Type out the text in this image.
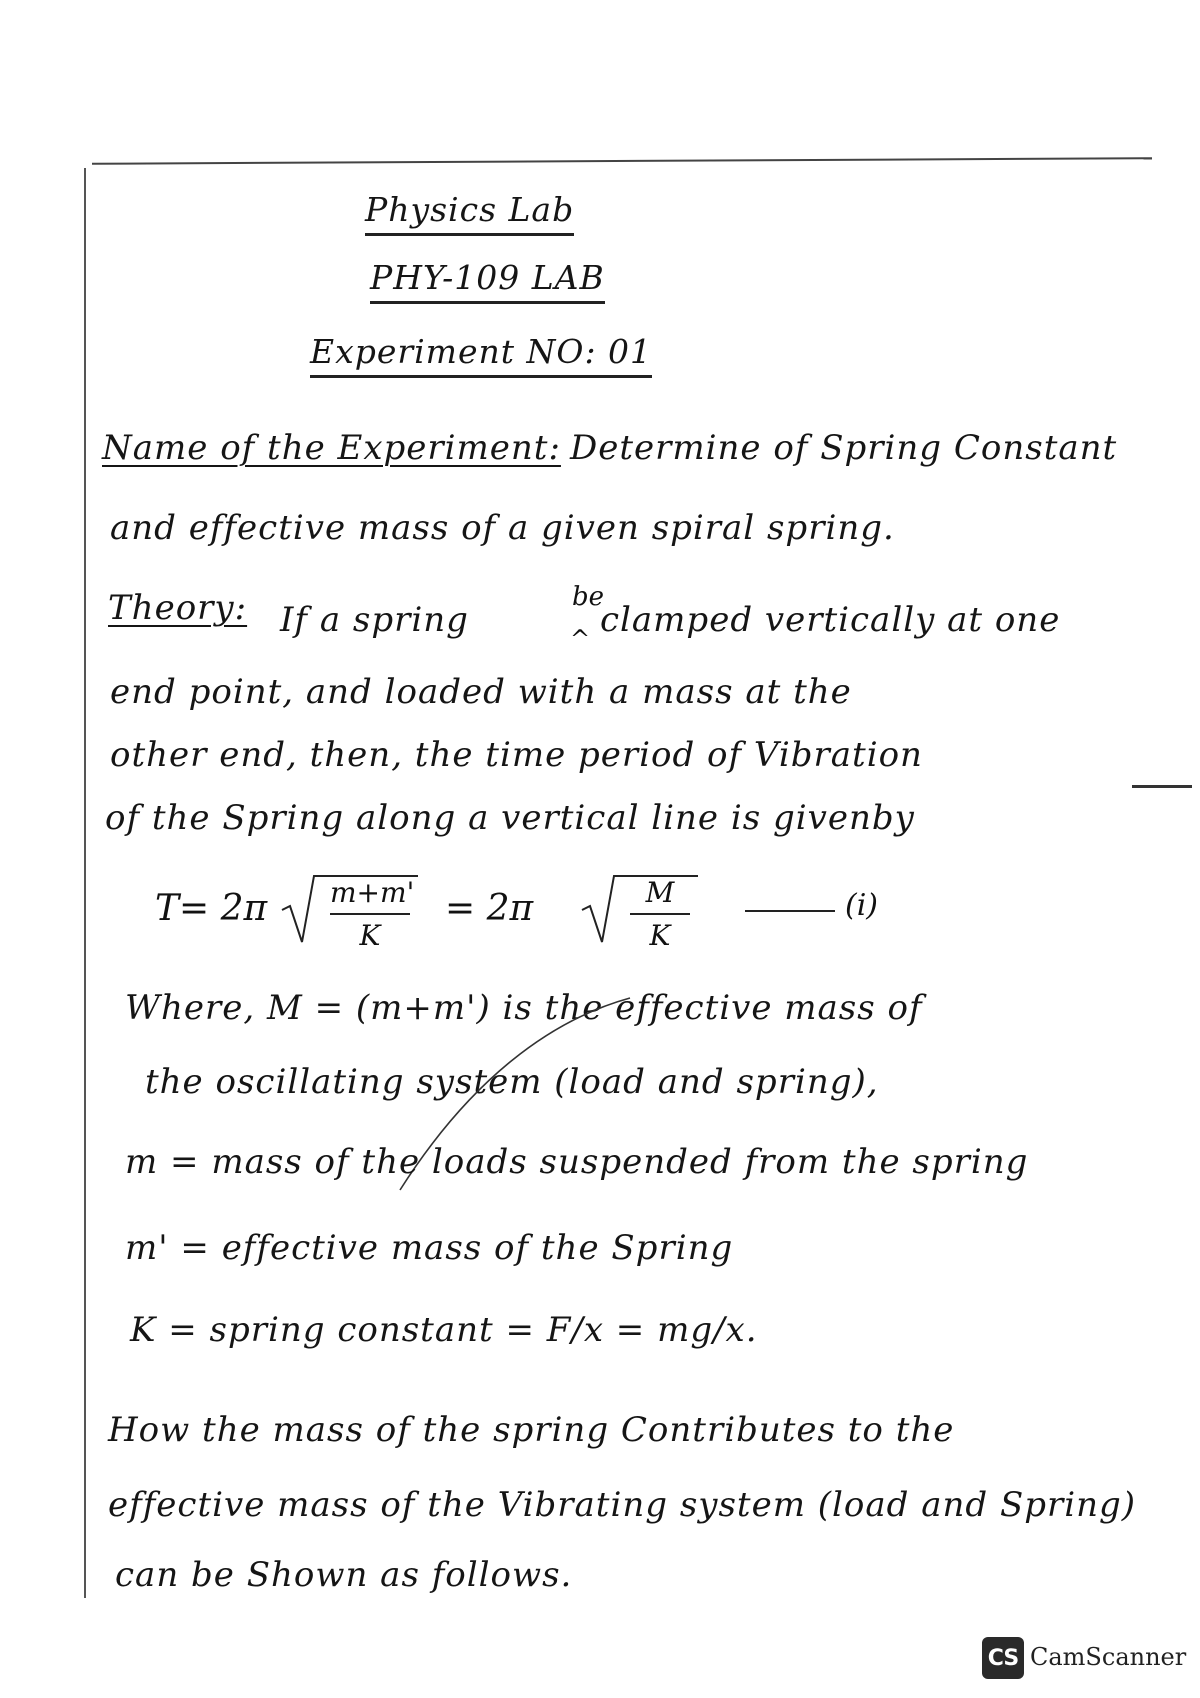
Physics Lab
PHY-109 LAB
Experiment NO: 01
Name of the Experiment: Determine of Spring Constant
and effective mass of a given spiral spring.
Theory: If a spring
be
^ clamped vertically at one
end point, and loaded with a mass at the
other end, then, the time period of Vibration
of the Spring along a vertical line is givenby
T= 2π m+m'
K
= 2π	M
K
(i)
Where, M = (m+m') is the effective mass of
the oscillating system (load and spring),
m = mass of the loads suspended from the spring
m' = effective mass of the Spring
K = spring constant = F/x = mg/x.
How the mass of the spring Contributes to the
effective mass of the Vibrating system (load and Spring)
can be Shown as follows.
CS CamScanner
